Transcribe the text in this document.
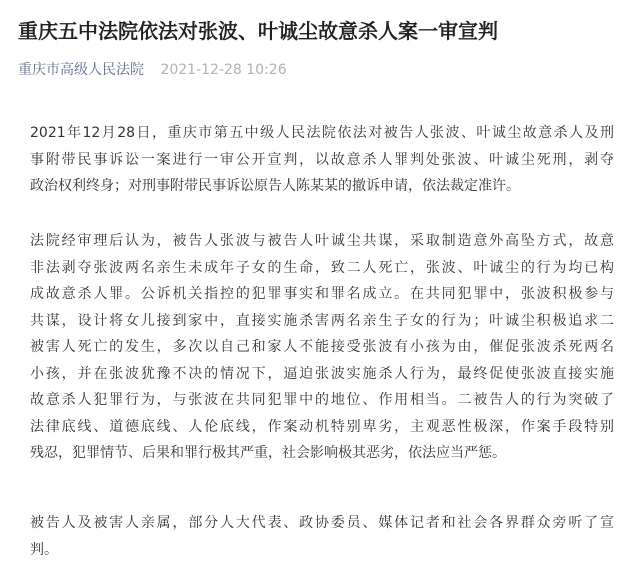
重庆五中法院依法对张波、叶诚尘故意杀人案一审宣判
重庆市高级人民法院 2021-12-28 10:26

2021年12月28日，重庆市第五中级人民法院依法对被告人张波、叶诚尘故意杀人及刑
事附带民事诉讼一案进行一审公开宣判，以故意杀人罪判处张波、叶诚尘死刑，剥夺
政治权利终身；对刑事附带民事诉讼原告人陈某某的撤诉申请，依法裁定准许。

法院经审理后认为，被告人张波与被告人叶诚尘共谋，采取制造意外高坠方式，故意
非法剥夺张波两名亲生未成年子女的生命，致二人死亡，张波、叶诚尘的行为均已构
成故意杀人罪。公诉机关指控的犯罪事实和罪名成立。在共同犯罪中，张波积极参与
共谋，设计将女儿接到家中，直接实施杀害两名亲生子女的行为；叶诚尘积极追求二
被害人死亡的发生，多次以自己和家人不能接受张波有小孩为由，催促张波杀死两名
小孩，并在张波犹豫不决的情况下，逼迫张波实施杀人行为，最终促使张波直接实施
故意杀人犯罪行为，与张波在共同犯罪中的地位、作用相当。二被告人的行为突破了
法律底线、道德底线、人伦底线，作案动机特别卑劣，主观恶性极深，作案手段特别
残忍，犯罪情节、后果和罪行极其严重，社会影响极其恶劣，依法应当严惩。

被告人及被害人亲属，部分人大代表、政协委员、媒体记者和社会各界群众旁听了宣
判。
